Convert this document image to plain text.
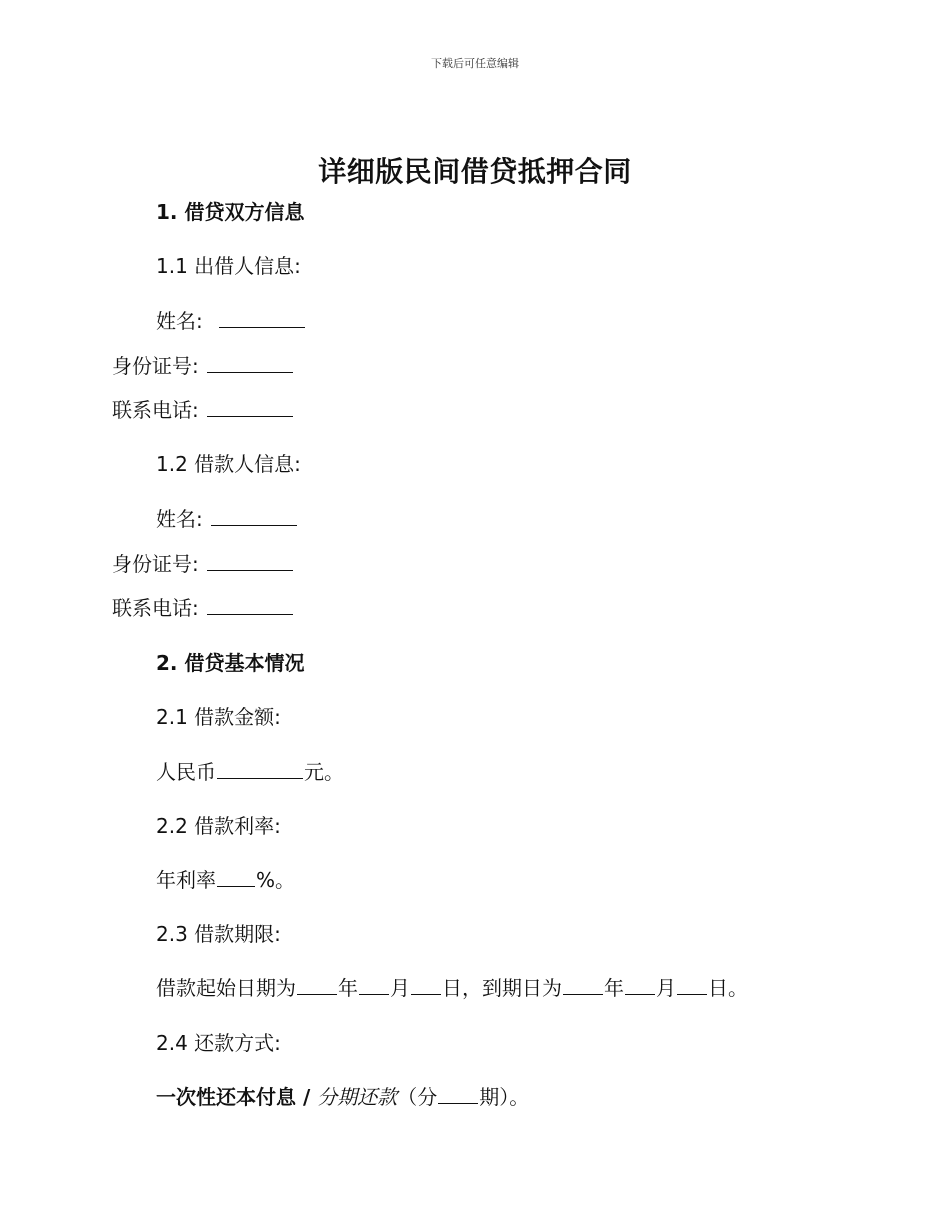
下载后可任意编辑
详细版民间借贷抵押合同
1. 借贷双方信息
1.1 出借人信息:
姓名:
身份证号:
联系电话:
1.2 借款人信息:
姓名:
身份证号:
联系电话:
2. 借贷基本情况
2.1 借款金额:
人民币	元。
2.2 借款利率:
年利率 %。
2.3 借款期限:
借款起始日期为 年 月 日，到期日为 年 月 日。
2.4 还款方式:
一次性还本付息 / 分期还款（分 期）。
